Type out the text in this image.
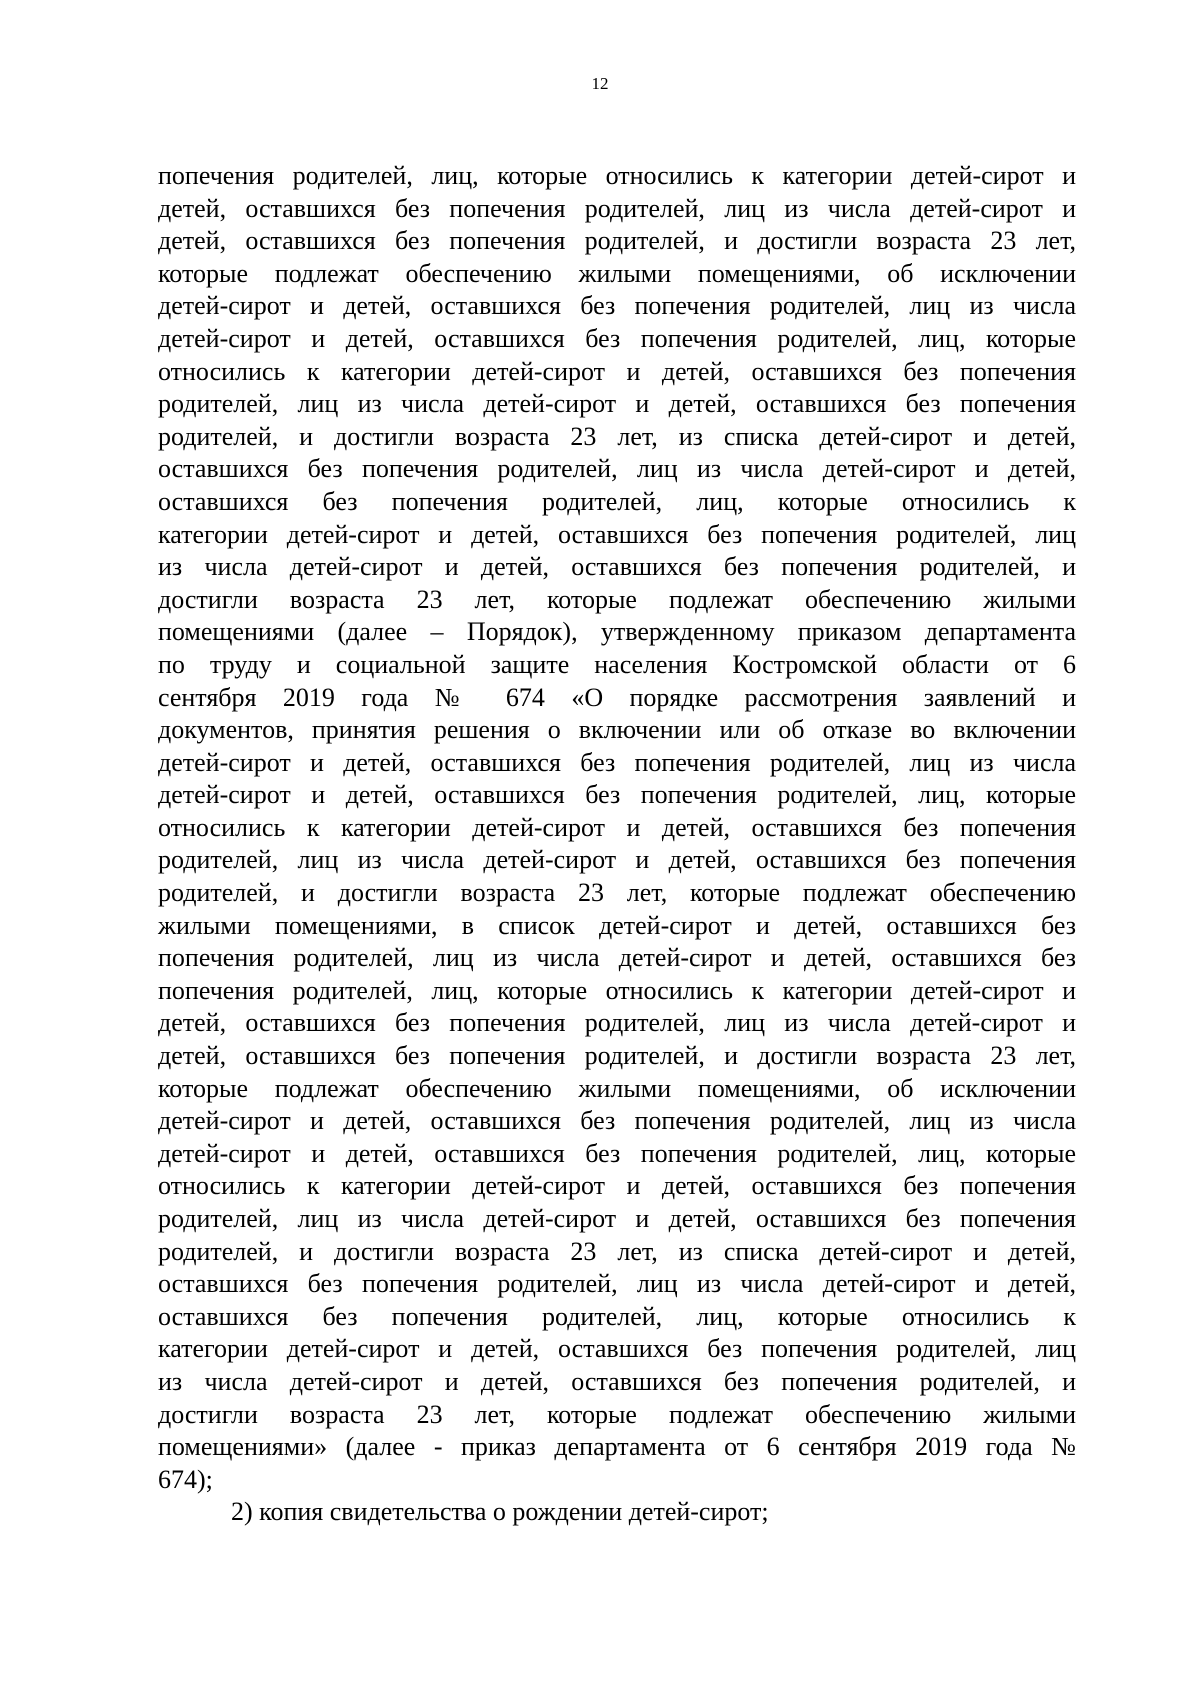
12
попечения родителей, лиц, которые относились к категории детей-сирот и
детей, оставшихся без попечения родителей, лиц из числа детей-сирот и
детей, оставшихся без попечения родителей, и достигли возраста 23 лет,
которые подлежат обеспечению жилыми помещениями, об исключении
детей-сирот и детей, оставшихся без попечения родителей, лиц из числа
детей-сирот и детей, оставшихся без попечения родителей, лиц, которые
относились к категории детей-сирот и детей, оставшихся без попечения
родителей, лиц из числа детей-сирот и детей, оставшихся без попечения
родителей, и достигли возраста 23 лет, из списка детей-сирот и детей,
оставшихся без попечения родителей, лиц из числа детей-сирот и детей,
оставшихся без попечения родителей, лиц, которые относились к
категории детей-сирот и детей, оставшихся без попечения родителей, лиц
из числа детей-сирот и детей, оставшихся без попечения родителей, и
достигли возраста 23 лет, которые подлежат обеспечению жилыми
помещениями (далее – Порядок), утвержденному приказом департамента
по труду и социальной защите населения Костромской области от 6
сентября 2019 года № 674 «О порядке рассмотрения заявлений и
документов, принятия решения о включении или об отказе во включении
детей-сирот и детей, оставшихся без попечения родителей, лиц из числа
детей-сирот и детей, оставшихся без попечения родителей, лиц, которые
относились к категории детей-сирот и детей, оставшихся без попечения
родителей, лиц из числа детей-сирот и детей, оставшихся без попечения
родителей, и достигли возраста 23 лет, которые подлежат обеспечению
жилыми помещениями, в список детей-сирот и детей, оставшихся без
попечения родителей, лиц из числа детей-сирот и детей, оставшихся без
попечения родителей, лиц, которые относились к категории детей-сирот и
детей, оставшихся без попечения родителей, лиц из числа детей-сирот и
детей, оставшихся без попечения родителей, и достигли возраста 23 лет,
которые подлежат обеспечению жилыми помещениями, об исключении
детей-сирот и детей, оставшихся без попечения родителей, лиц из числа
детей-сирот и детей, оставшихся без попечения родителей, лиц, которые
относились к категории детей-сирот и детей, оставшихся без попечения
родителей, лиц из числа детей-сирот и детей, оставшихся без попечения
родителей, и достигли возраста 23 лет, из списка детей-сирот и детей,
оставшихся без попечения родителей, лиц из числа детей-сирот и детей,
оставшихся без попечения родителей, лиц, которые относились к
категории детей-сирот и детей, оставшихся без попечения родителей, лиц
из числа детей-сирот и детей, оставшихся без попечения родителей, и
достигли возраста 23 лет, которые подлежат обеспечению жилыми
помещениями» (далее - приказ департамента от 6 сентября 2019 года №
674);
2) копия свидетельства о рождении детей-сирот;
